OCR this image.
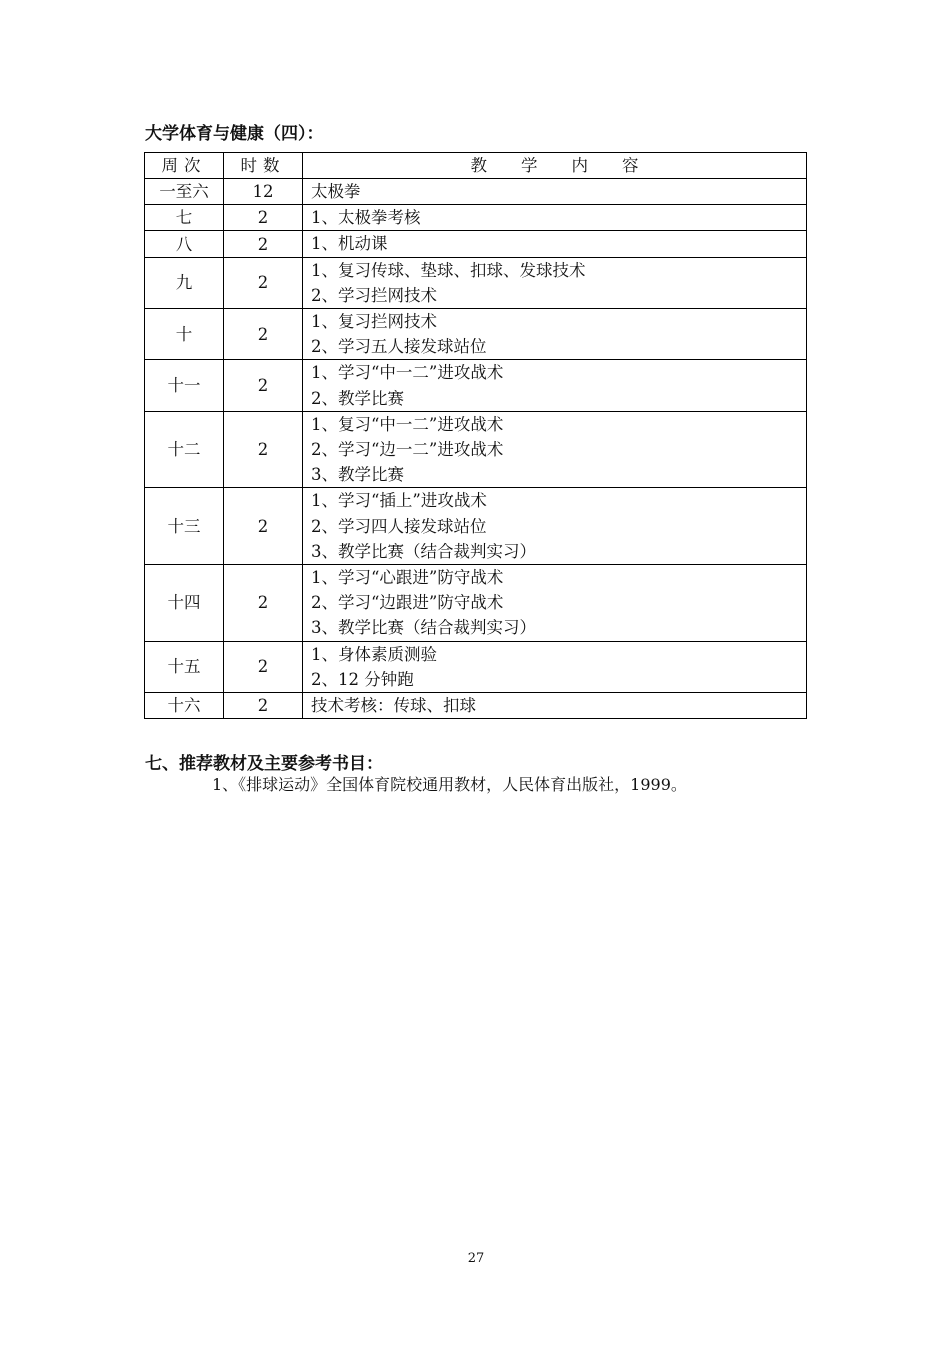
大学体育与健康（四）：
周次	时数	教学内容
一至六	12	太极拳

七	2	1、太极拳考核

八	2	1、机动课

九	2	1、复习传球、垫球、扣球、发球技术
2、学习拦网技术

十	2	1、复习拦网技术
2、学习五人接发球站位

十一	2	1、学习“中一二”进攻战术
2、教学比赛

十二	2	1、复习“中一二”进攻战术
2、学习“边一二”进攻战术
3、教学比赛

十三	2	1、学习“插上”进攻战术
2、学习四人接发球站位
3、教学比赛（结合裁判实习）

十四	2	1、学习“心跟进”防守战术
2、学习“边跟进”防守战术
3、教学比赛（结合裁判实习）

十五	2	1、身体素质测验
2、12 分钟跑

十六	2	技术考核：传球、扣球
七、推荐教材及主要参考书目：
1、《排球运动》全国体育院校通用教材，人民体育出版社，1999。
27
